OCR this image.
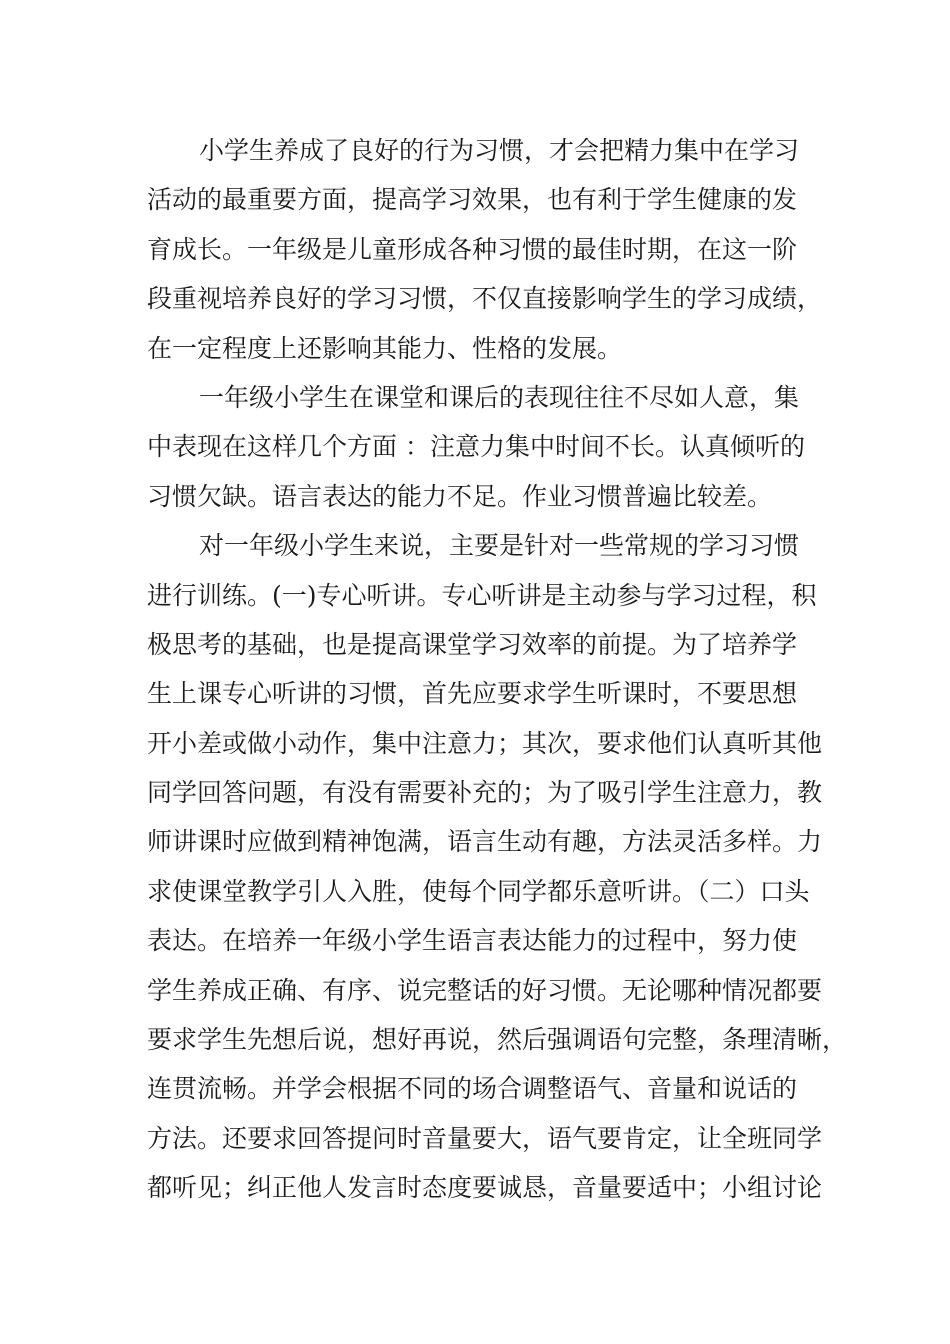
小学生养成了良好的行为习惯，才会把精力集中在学习
活动的最重要方面，提高学习效果，也有利于学生健康的发
育成长。一年级是儿童形成各种习惯的最佳时期，在这一阶
段重视培养良好的学习习惯，不仅直接影响学生的学习成绩，
在一定程度上还影响其能力、性格的发展。
一年级小学生在课堂和课后的表现往往不尽如人意，集
中表现在这样几个方面 ：注意力集中时间不长。认真倾听的
习惯欠缺。语言表达的能力不足。作业习惯普遍比较差。
对一年级小学生来说，主要是针对一些常规的学习习惯
进行训练。(一)专心听讲。专心听讲是主动参与学习过程，积
极思考的基础，也是提高课堂学习效率的前提。为了培养学
生上课专心听讲的习惯，首先应要求学生听课时，不要思想
开小差或做小动作，集中注意力；其次，要求他们认真听其他
同学回答问题，有没有需要补充的；为了吸引学生注意力，教
师讲课时应做到精神饱满，语言生动有趣，方法灵活多样。力
求使课堂教学引人入胜，使每个同学都乐意听讲。（二）口头
表达。在培养一年级小学生语言表达能力的过程中，努力使
学生养成正确、有序、说完整话的好习惯。无论哪种情况都要
要求学生先想后说，想好再说，然后强调语句完整，条理清晰，
连贯流畅。并学会根据不同的场合调整语气、音量和说话的
方法。还要求回答提问时音量要大，语气要肯定，让全班同学
都听见；纠正他人发言时态度要诚恳，音量要适中；小组讨论
